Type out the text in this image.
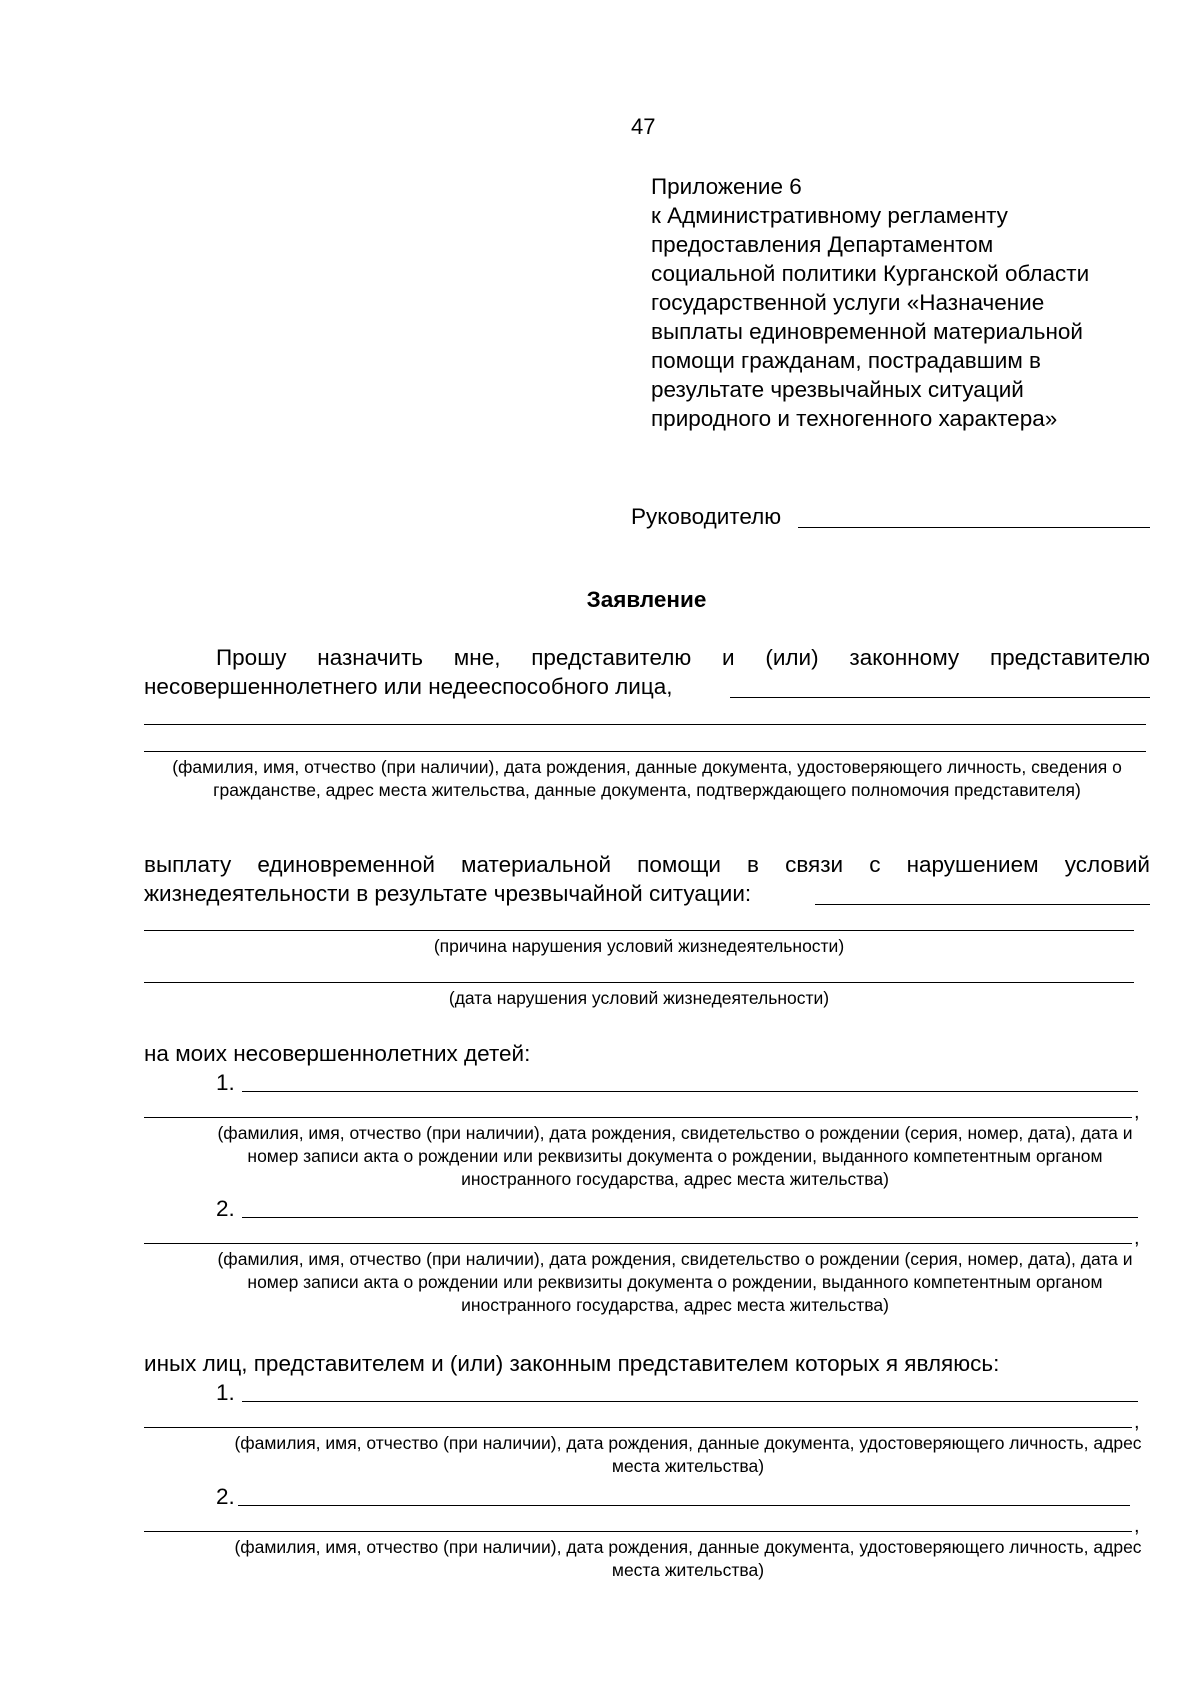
47
Приложение 6
к Административному регламенту
предоставления Департаментом
социальной политики Курганской области
государственной услуги «Назначение
выплаты единовременной материальной
помощи гражданам, пострадавшим в
результате чрезвычайных ситуаций
природного и техногенного характера»
Руководителю
Заявление
Прошу назначить мне, представителю и (или) законному представителю
несовершеннолетнего или недееспособного лица,
(фамилия, имя, отчество (при наличии), дата рождения, данные документа, удостоверяющего личность, сведения о гражданстве, адрес места жительства, данные документа, подтверждающего полномочия представителя)
выплату единовременной материальной помощи в связи с нарушением условий
жизнедеятельности в результате чрезвычайной ситуации:
(причина нарушения условий жизнедеятельности)
(дата нарушения условий жизнедеятельности)
на моих несовершеннолетних детей:
1.
,
(фамилия, имя, отчество (при наличии), дата рождения, свидетельство о рождении (серия, номер, дата), дата и номер записи акта о рождении или реквизиты документа о рождении, выданного компетентным органом иностранного государства, адрес места жительства)
2.
,
(фамилия, имя, отчество (при наличии), дата рождения, свидетельство о рождении (серия, номер, дата), дата и номер записи акта о рождении или реквизиты документа о рождении, выданного компетентным органом иностранного государства, адрес места жительства)
иных лиц, представителем и (или) законным представителем которых я являюсь:
1.
,
(фамилия, имя, отчество (при наличии), дата рождения, данные документа, удостоверяющего личность, адрес места жительства)
2.
,
(фамилия, имя, отчество (при наличии), дата рождения, данные документа, удостоверяющего личность, адрес места жительства)
